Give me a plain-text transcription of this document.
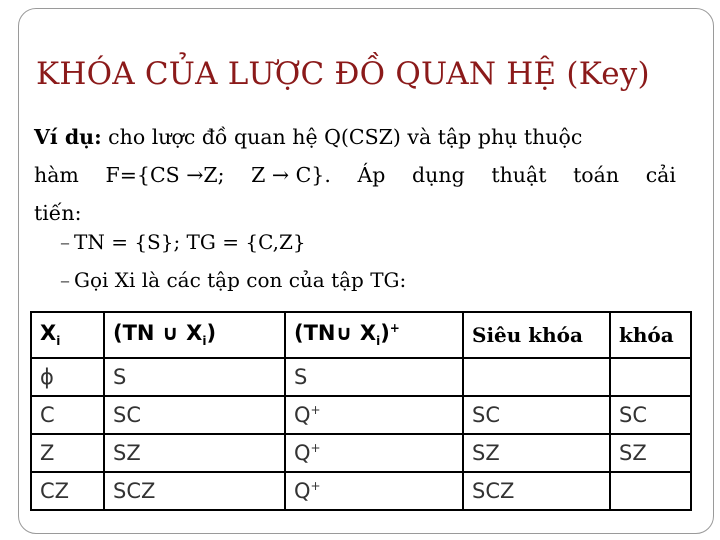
KHÓA CỦA LƯỢC ĐỒ QUAN HỆ (Key)
Ví dụ: cho lược đồ quan hệ Q(CSZ) và tập phụ thuộc
hàm F={CS →Z; Z → C}. Áp dụng thuật toán cải
tiến:
– TN = {S}; TG = {C,Z}
– Gọi Xi là các tập con của tập TG:
$X_i$	(TN ∪ $X_i$)	(TN∪ $X_i)^+$	Siêu khóa	khóa
ϕ	S	S		
C	SC	Q+	SC	SC
Z	SZ	Q+	SZ	SZ
CZ	SCZ	Q+	SCZ	
